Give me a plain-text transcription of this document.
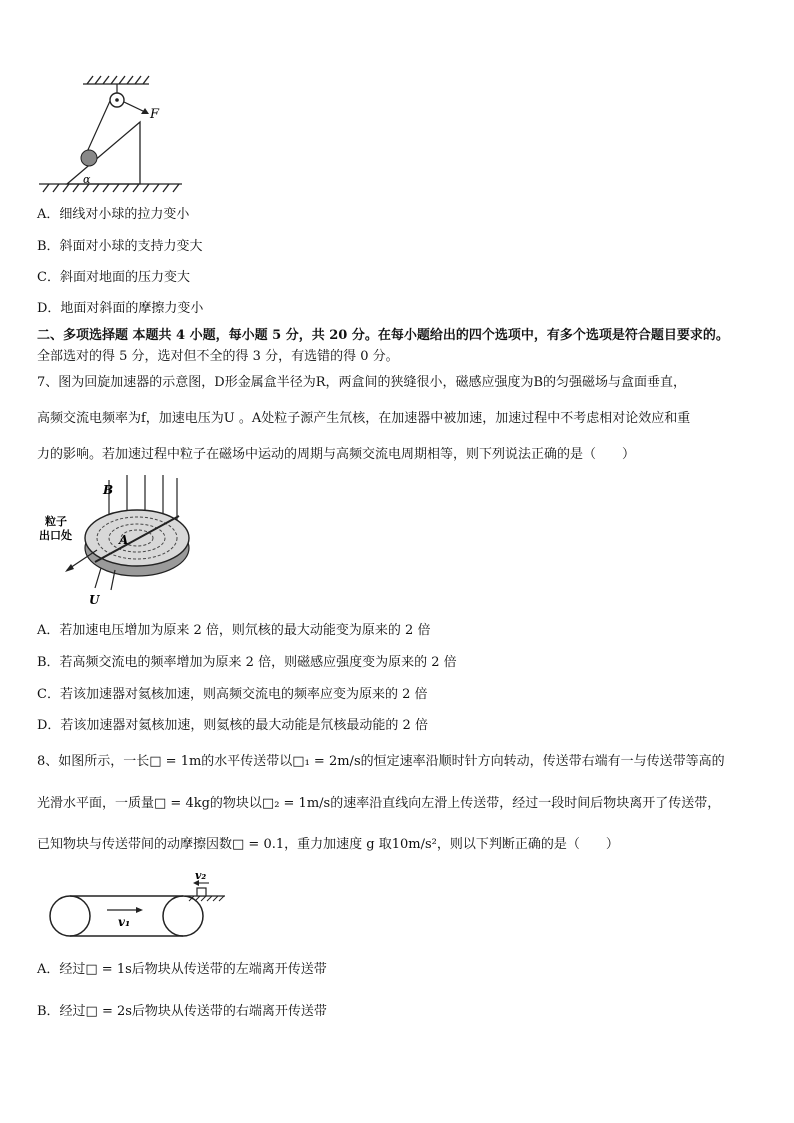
F
α
A．细线对小球的拉力变小
B．斜面对小球的支持力变大
C．斜面对地面的压力变大
D．地面对斜面的摩擦力变小
二、多项选择题 本题共 4 小题，每小题 5 分，共 20 分。在每小题给出的四个选项中，有多个选项是符合题目要求的。
全部选对的得 5 分，选对但不全的得 3 分，有选错的得 0 分。
7、图为回旋加速器的示意图，D形金属盒半径为R，两盒间的狭缝很小，磁感应强度为B的匀强磁场与盒面垂直，
高频交流电频率为f，加速电压为U 。A处粒子源产生氘核，在加速器中被加速，加速过程中不考虑相对论效应和重
力的影响。若加速过程中粒子在磁场中运动的周期与高频交流电周期相等，则下列说法正确的是（　　）
B
A
粒子
出口处
U
A．若加速电压增加为原来 2 倍，则氘核的最大动能变为原来的 2 倍
B．若高频交流电的频率增加为原来 2 倍，则磁感应强度变为原来的 2 倍
C．若该加速器对氦核加速，则高频交流电的频率应变为原来的 2 倍
D．若该加速器对氦核加速，则氦核的最大动能是氘核最动能的 2 倍
8、如图所示，一长□ = 1m的水平传送带以□₁ = 2m/s的恒定速率沿顺时针方向转动，传送带右端有一与传送带等高的
光滑水平面，一质量□ = 4kg的物块以□₂ = 1m/s的速率沿直线向左滑上传送带，经过一段时间后物块离开了传送带，
已知物块与传送带间的动摩擦因数□ = 0.1，重力加速度 g 取10m/s²，则以下判断正确的是（　　）
v₁
v₂
A．经过□ = 1s后物块从传送带的左端离开传送带
B．经过□ = 2s后物块从传送带的右端离开传送带
